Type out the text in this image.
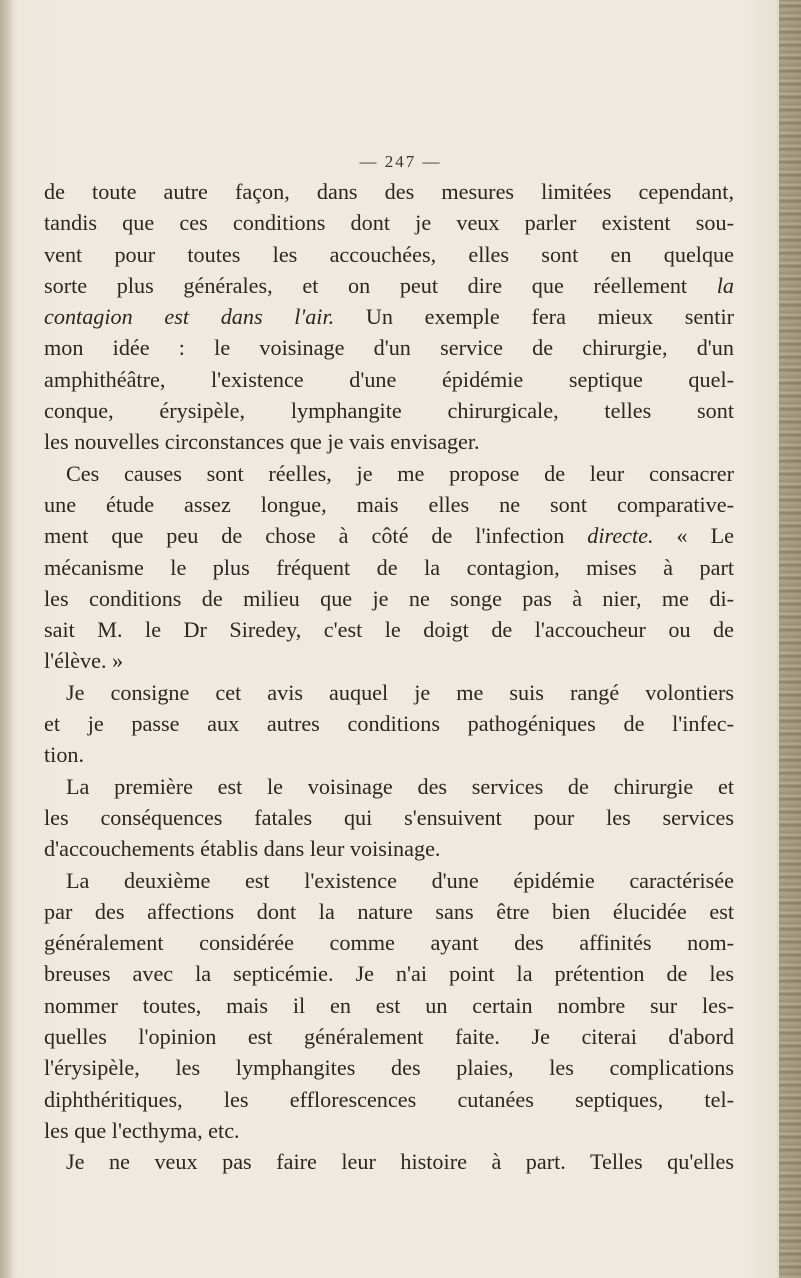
— 247 —
de toute autre façon, dans des mesures limitées cependant,
tandis que ces conditions dont je veux parler existent sou-
vent pour toutes les accouchées, elles sont en quelque
sorte plus générales, et on peut dire que réellement la
contagion est dans l'air. Un exemple fera mieux sentir
mon idée : le voisinage d'un service de chirurgie, d'un
amphithéâtre, l'existence d'une épidémie septique quel-
conque, érysipèle, lymphangite chirurgicale, telles sont
les nouvelles circonstances que je vais envisager.
Ces causes sont réelles, je me propose de leur consacrer
une étude assez longue, mais elles ne sont comparative-
ment que peu de chose à côté de l'infection directe. « Le
mécanisme le plus fréquent de la contagion, mises à part
les conditions de milieu que je ne songe pas à nier, me di-
sait M. le Dr Siredey, c'est le doigt de l'accoucheur ou de
l'élève. »
Je consigne cet avis auquel je me suis rangé volontiers
et je passe aux autres conditions pathogéniques de l'infec-
tion.
La première est le voisinage des services de chirurgie et
les conséquences fatales qui s'ensuivent pour les services
d'accouchements établis dans leur voisinage.
La deuxième est l'existence d'une épidémie caractérisée
par des affections dont la nature sans être bien élucidée est
généralement considérée comme ayant des affinités nom-
breuses avec la septicémie. Je n'ai point la prétention de les
nommer toutes, mais il en est un certain nombre sur les-
quelles l'opinion est généralement faite. Je citerai d'abord
l'érysipèle, les lymphangites des plaies, les complications
diphthéritiques, les efflorescences cutanées septiques, tel-
les que l'ecthyma, etc.
Je ne veux pas faire leur histoire à part. Telles qu'elles
